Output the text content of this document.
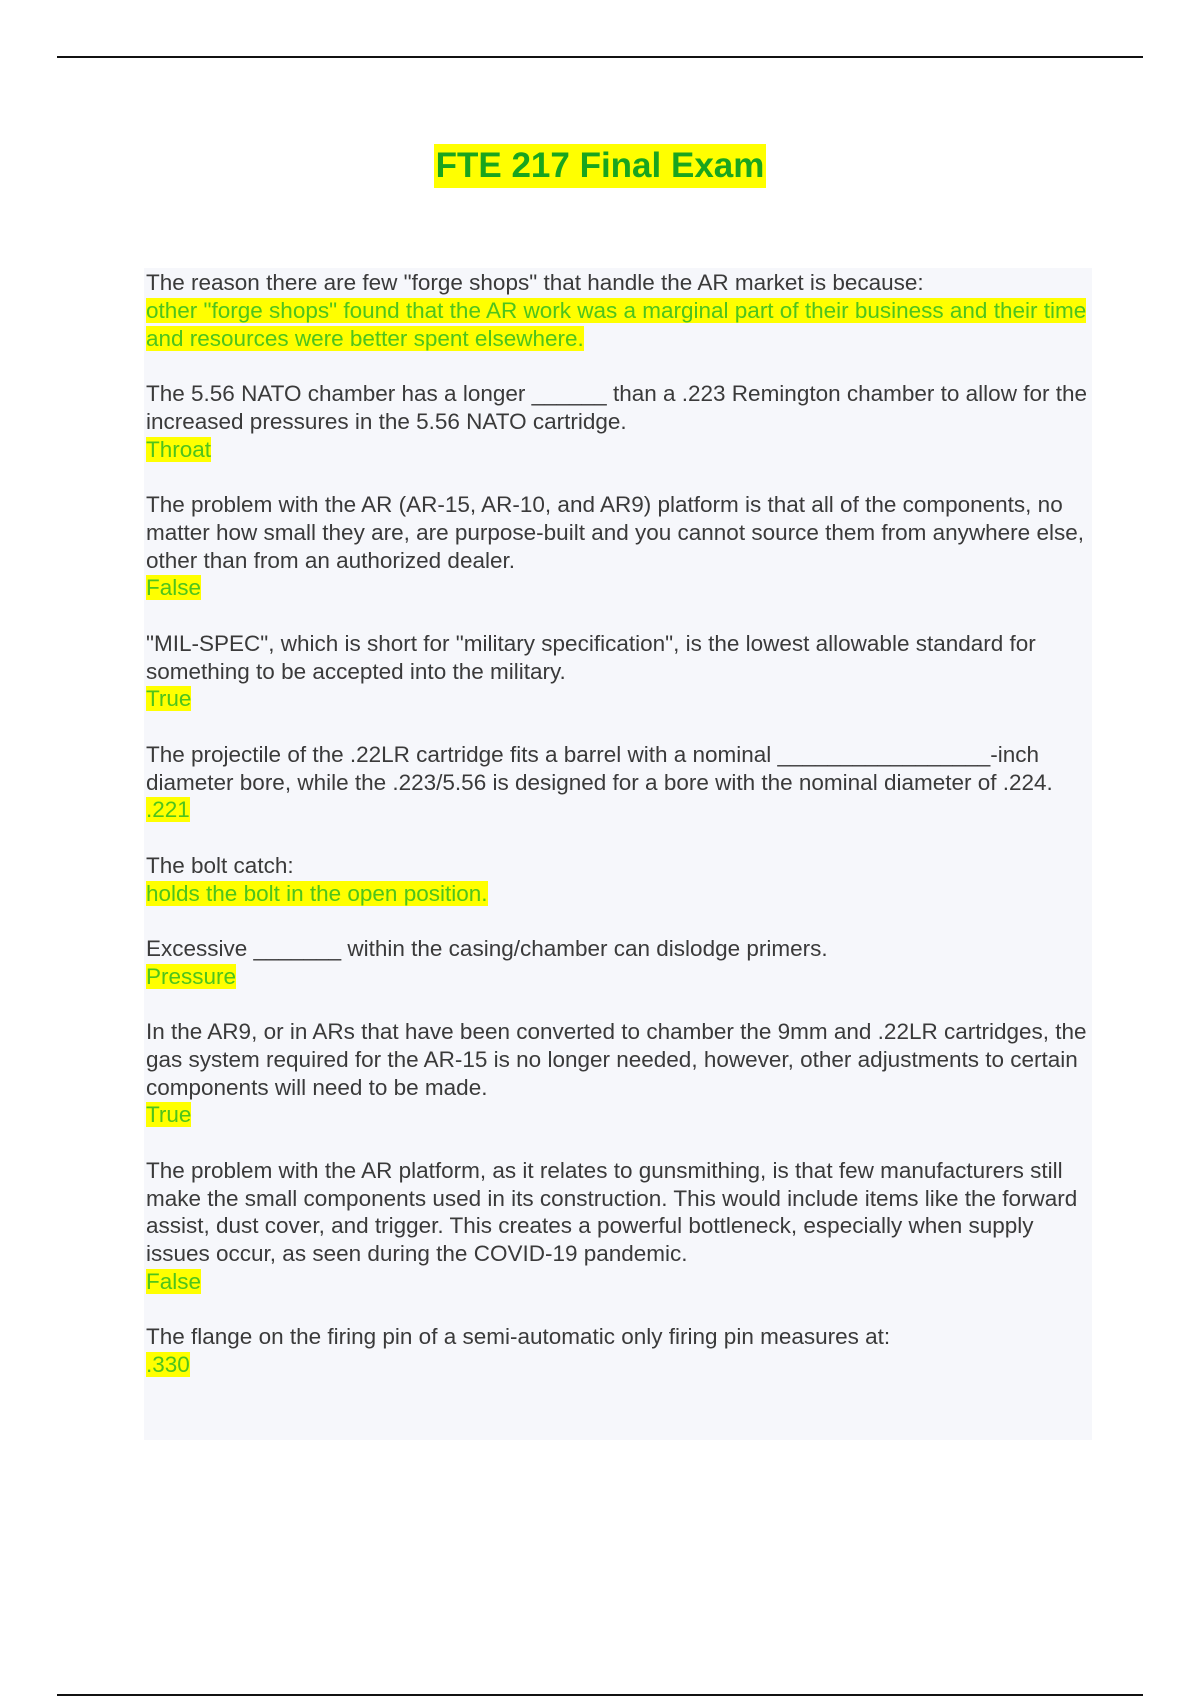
FTE 217 Final Exam
The reason there are few "forge shops" that handle the AR market is because:
other "forge shops" found that the AR work was a marginal part of their business and their time and resources were better spent elsewhere.
The 5.56 NATO chamber has a longer ______ than a .223 Remington chamber to allow for the increased pressures in the 5.56 NATO cartridge.
Throat
The problem with the AR (AR-15, AR-10, and AR9) platform is that all of the components, no matter how small they are, are purpose-built and you cannot source them from anywhere else, other than from an authorized dealer.
False
"MIL-SPEC", which is short for "military specification", is the lowest allowable standard for something to be accepted into the military.
True
The projectile of the .22LR cartridge fits a barrel with a nominal _________________-inch diameter bore, while the .223/5.56 is designed for a bore with the nominal diameter of .224.
.221
The bolt catch:
holds the bolt in the open position.
Excessive _______ within the casing/chamber can dislodge primers.
Pressure
In the AR9, or in ARs that have been converted to chamber the 9mm and .22LR cartridges, the gas system required for the AR-15 is no longer needed, however, other adjustments to certain components will need to be made.
True
The problem with the AR platform, as it relates to gunsmithing, is that few manufacturers still make the small components used in its construction. This would include items like the forward assist, dust cover, and trigger. This creates a powerful bottleneck, especially when supply issues occur, as seen during the COVID-19 pandemic.
False
The flange on the firing pin of a semi-automatic only firing pin measures at:
.330
